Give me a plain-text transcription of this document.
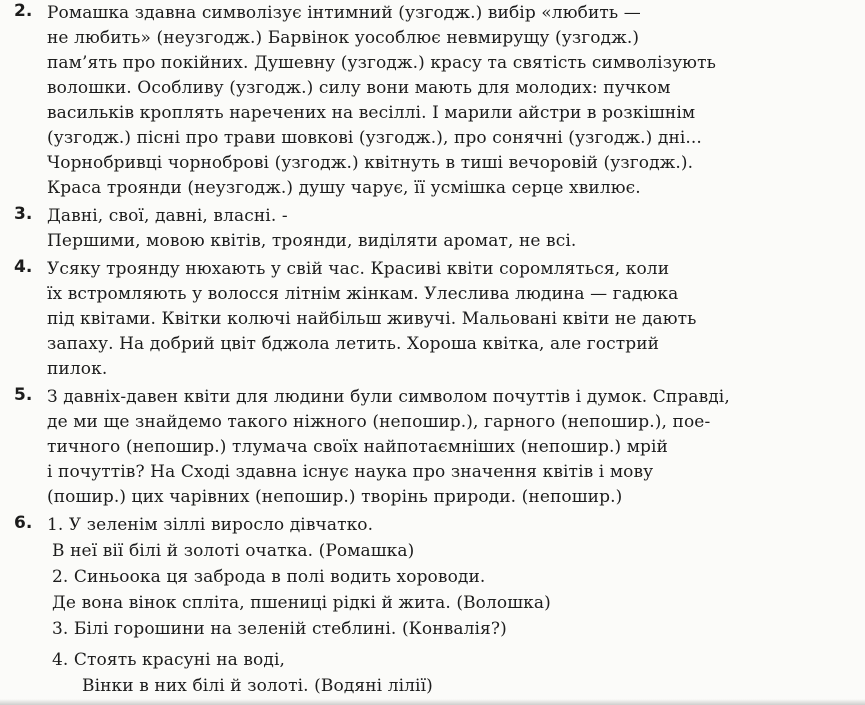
2. Ромашка здавна символізує інтимний (узгодж.) вибір «любить —
не любить» (неузгодж.) Барвінок уособлює невмирущу (узгодж.)
пам’ять про покійних. Душевну (узгодж.) красу та святість символізують
волошки. Особливу (узгодж.) силу вони мають для молодих: пучком
васильків кроплять наречених на весіллі. І марили айстри в розкішнім
(узгодж.) пісні про трави шовкові (узгодж.), про сонячні (узгодж.) дні...
Чорнобривці чорноброві (узгодж.) квітнуть в тиші вечоровій (узгодж.).
Краса троянди (неузгодж.) душу чарує, її усмішка серце хвилює.
3. Давні, свої, давні, власні. -
Першими, мовою квітів, троянди, виділяти аромат, не всі.
4. Усяку троянду нюхають у свій час. Красиві квіти соромляться, коли
їх встромляють у волосся літнім жінкам. Улеслива людина — гадюка
під квітами. Квітки колючі найбільш живучі. Мальовані квіти не дають
запаху. На добрий цвіт бджола летить. Хороша квітка, але гострий
пилок.
5. З давніх-давен квіти для людини були символом почуттів і думок. Справді,
де ми ще знайдемо такого ніжного (непошир.), гарного (непошир.), пое-
тичного (непошир.) тлумача своїх найпотаємніших (непошир.) мрій
і почуттів? На Сході здавна існує наука про значення квітів і мову
(пошир.) цих чарівних (непошир.) творінь природи. (непошир.)
6. 1. У зеленім зіллі виросло дівчатко.
В неї вії білі й золоті очатка. (Ромашка)
2. Синьоока ця заброда в полі водить хороводи.
Де вона вінок спліта, пшениці рідкі й жита. (Волошка)
3. Білі горошини на зеленій стеблині. (Конвалія?)
4. Стоять красуні на воді,
Вінки в них білі й золоті. (Водяні лілії)
